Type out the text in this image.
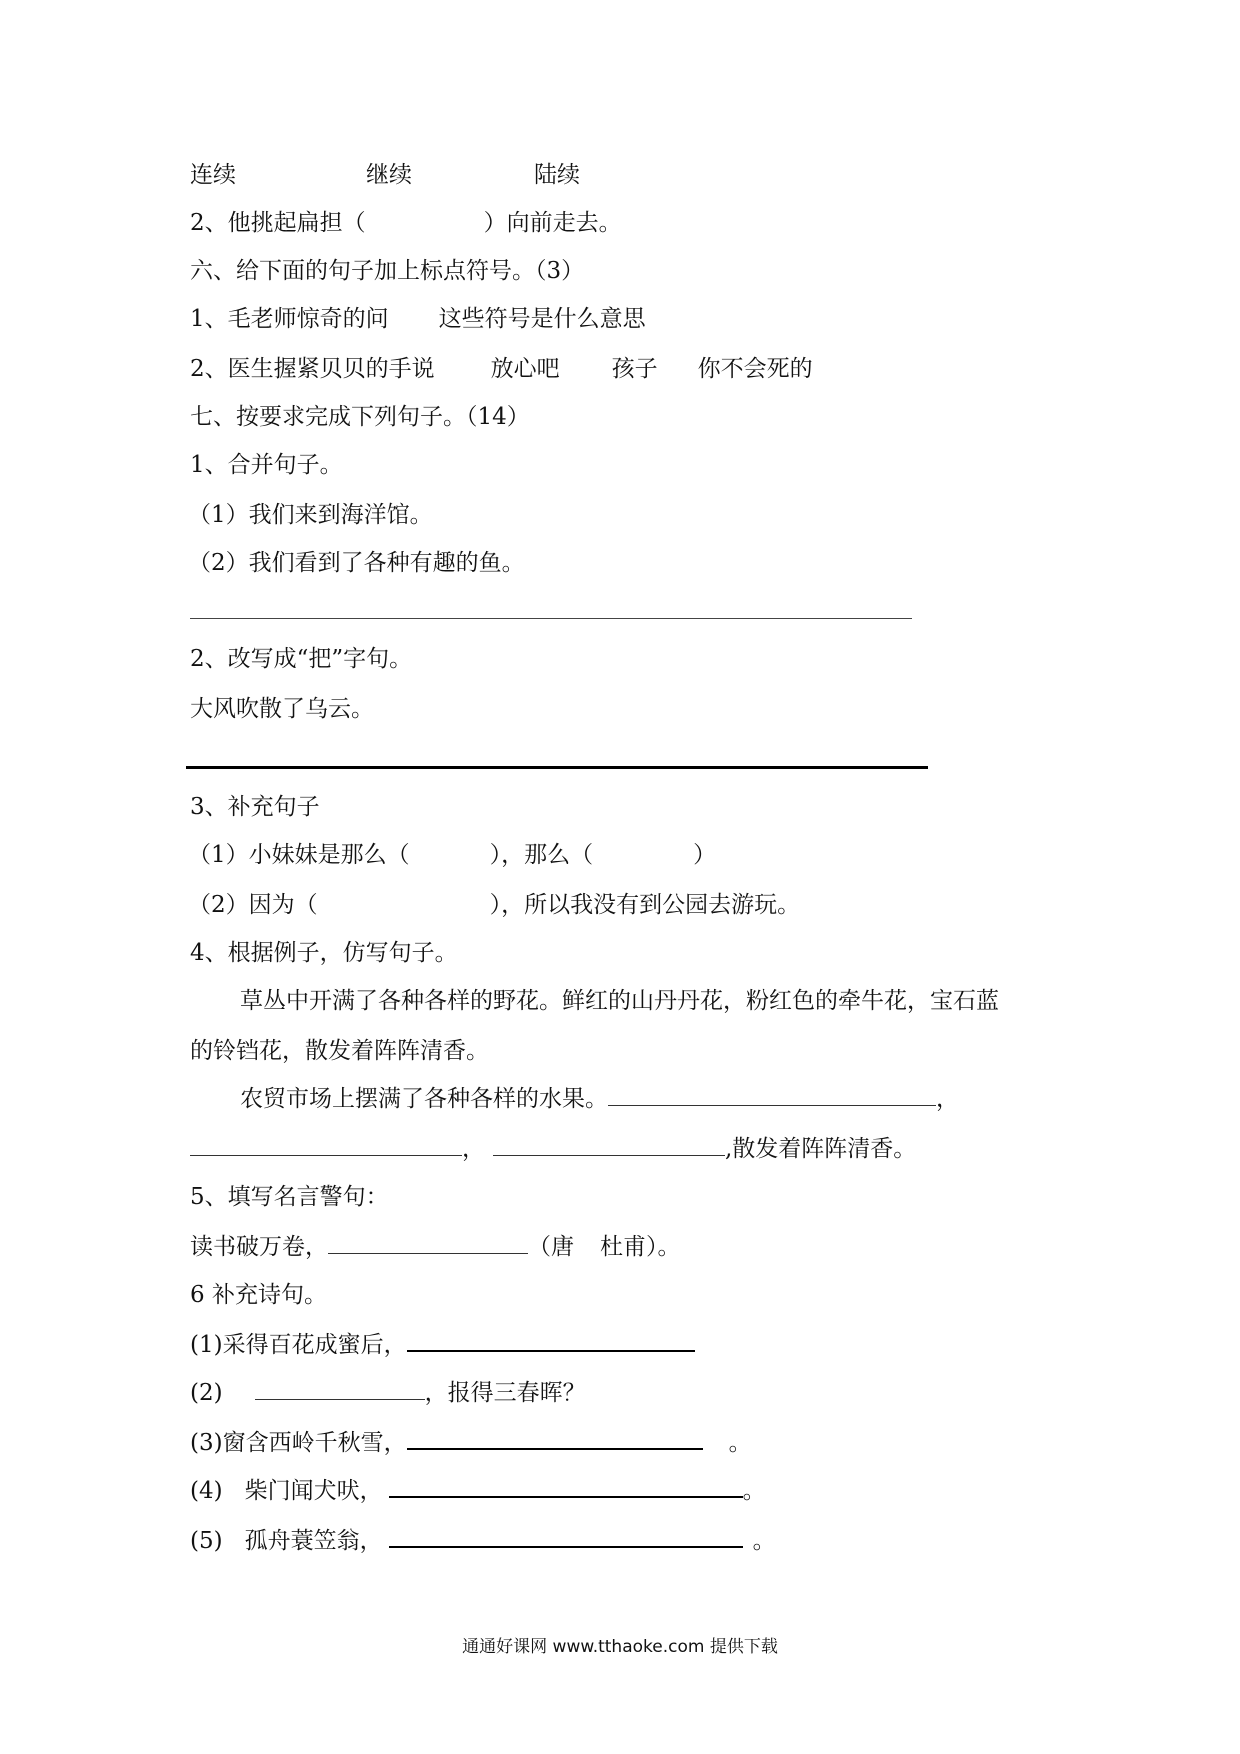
连续	继续	陆续
2、他挑起扁担（	）向前走去。
六、给下面的句子加上标点符号。（3）
1、毛老师惊奇的问 这些符号是什么意思
2、医生握紧贝贝的手说 放心吧 孩子 你不会死的
七、按要求完成下列句子。（14）
1、合并句子。
（1）我们来到海洋馆。
（2）我们看到了各种有趣的鱼。
2、改写成“把”字句。
大风吹散了乌云。
3、补充句子
（1）小妹妹是那么（	），那么（	）
（2）因为（	），所以我没有到公园去游玩。
4、根据例子，仿写句子。
草丛中开满了各种各样的野花。鲜红的山丹丹花，粉红色的牵牛花，宝石蓝
的铃铛花，散发着阵阵清香。
农贸市场上摆满了各种各样的水果。	，
，	,散发着阵阵清香。
5、填写名言警句：
读书破万卷，	（唐 杜甫）。
6 补充诗句。
(1)采得百花成蜜后，
(2)	，报得三春晖？
(3)窗含西岭千秋雪，	。
(4) 柴门闻犬吠，	。
(5) 孤舟蓑笠翁，	。
通通好课网 www.tthaoke.com 提供下载
